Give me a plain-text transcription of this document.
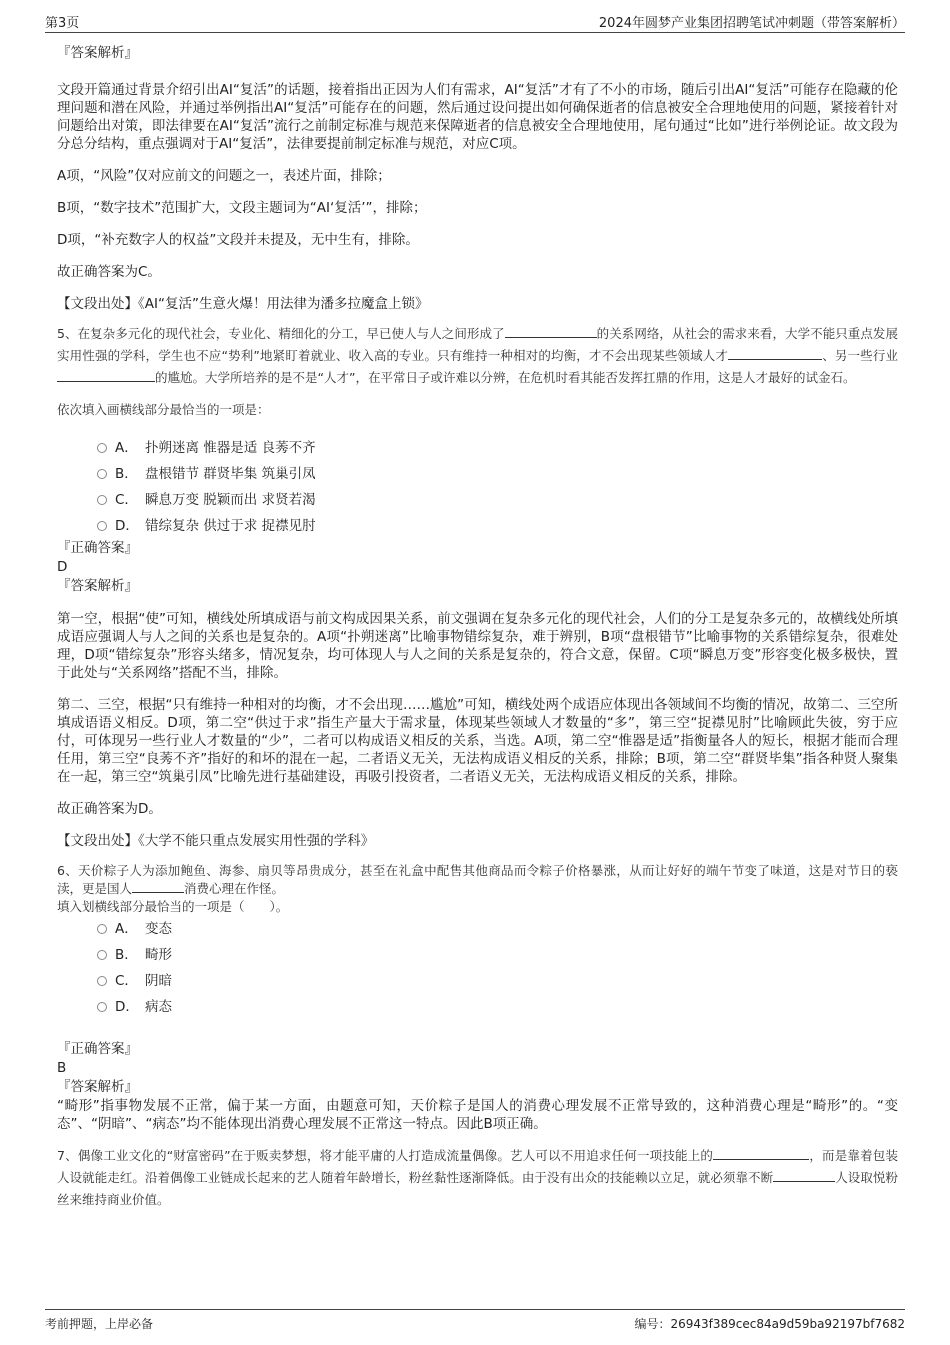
第3页	2024年圆梦产业集团招聘笔试冲刺题（带答案解析）
『答案解析』
文段开篇通过背景介绍引出AI“复活”的话题，接着指出正因为人们有需求，AI“复活”才有了不小的市场，随后引出AI“复活”可能存在隐藏的伦理问题和潜在风险，并通过举例指出AI“复活”可能存在的问题，然后通过设问提出如何确保逝者的信息被安全合理地使用的问题，紧接着针对问题给出对策，即法律要在AI“复活”流行之前制定标准与规范来保障逝者的信息被安全合理地使用，尾句通过“比如”进行举例论证。故文段为分总分结构，重点强调对于AI“复活”，法律要提前制定标准与规范，对应C项。
A项，“风险”仅对应前文的问题之一，表述片面，排除；
B项，“数字技术”范围扩大，文段主题词为“AI‘复活’”，排除；
D项，“补充数字人的权益”文段并未提及，无中生有，排除。
故正确答案为C。
【文段出处】《AI“复活”生意火爆！用法律为潘多拉魔盒上锁》
5、在复杂多元化的现代社会，专业化、精细化的分工，早已使人与人之间形成了	的关系网络，从社会的需求来看，大学不能只重点发展实用性强的学科，学生也不应“势利”地紧盯着就业、收入高的专业。只有维持一种相对的均衡，才不会出现某些领域人才	、另一些行业的尴尬。大学所培养的是不是“人才”，在平常日子或许难以分辨，在危机时看其能否发挥扛鼎的作用，这是人才最好的试金石。
依次填入画横线部分最恰当的一项是：
A． 扑朔迷离 惟器是适 良莠不齐
B． 盘根错节 群贤毕集 筑巢引凤
C． 瞬息万变 脱颖而出 求贤若渴
D． 错综复杂 供过于求 捉襟见肘
『正确答案』
D
『答案解析』
第一空，根据“使”可知，横线处所填成语与前文构成因果关系，前文强调在复杂多元化的现代社会，人们的分工是复杂多元的，故横线处所填成语应强调人与人之间的关系也是复杂的。A项“扑朔迷离”比喻事物错综复杂，难于辨别，B项“盘根错节”比喻事物的关系错综复杂，很难处理，D项“错综复杂”形容头绪多，情况复杂，均可体现人与人之间的关系是复杂的，符合文意，保留。C项“瞬息万变”形容变化极多极快，置于此处与“关系网络”搭配不当，排除。
第二、三空，根据“只有维持一种相对的均衡，才不会出现……尴尬”可知，横线处两个成语应体现出各领域间不均衡的情况，故第二、三空所填成语语义相反。D项，第二空“供过于求”指生产量大于需求量，体现某些领域人才数量的“多”，第三空“捉襟见肘”比喻顾此失彼，穷于应付，可体现另一些行业人才数量的“少”，二者可以构成语义相反的关系，当选。A项，第二空“惟器是适”指衡量各人的短长，根据才能而合理任用，第三空“良莠不齐”指好的和坏的混在一起，二者语义无关，无法构成语义相反的关系，排除；B项，第二空“群贤毕集”指各种贤人聚集在一起，第三空“筑巢引凤”比喻先进行基础建设，再吸引投资者，二者语义无关，无法构成语义相反的关系，排除。
故正确答案为D。
【文段出处】《大学不能只重点发展实用性强的学科》
6、天价粽子人为添加鲍鱼、海参、扇贝等昂贵成分，甚至在礼盒中配售其他商品而令粽子价格暴涨，从而让好好的端午节变了味道，这是对节日的亵渎，更是国人	消费心理在作怪。
填入划横线部分最恰当的一项是（　　）。
A． 变态
B． 畸形
C． 阴暗
D． 病态
『正确答案』
B
『答案解析』
“畸形”指事物发展不正常，偏于某一方面，由题意可知，天价粽子是国人的消费心理发展不正常导致的，这种消费心理是“畸形”的。“变态”、“阴暗”、“病态”均不能体现出消费心理发展不正常这一特点。因此B项正确。
7、偶像工业文化的“财富密码”在于贩卖梦想，将才能平庸的人打造成流量偶像。艺人可以不用追求任何一项技能上的	，而是靠着包装人设就能走红。沿着偶像工业链成长起来的艺人随着年龄增长，粉丝黏性逐渐降低。由于没有出众的技能赖以立足，就必须靠不断	人设取悦粉丝来维持商业价值。
考前押题，上岸必备	编号：26943f389cec84a9d59ba92197bf7682
